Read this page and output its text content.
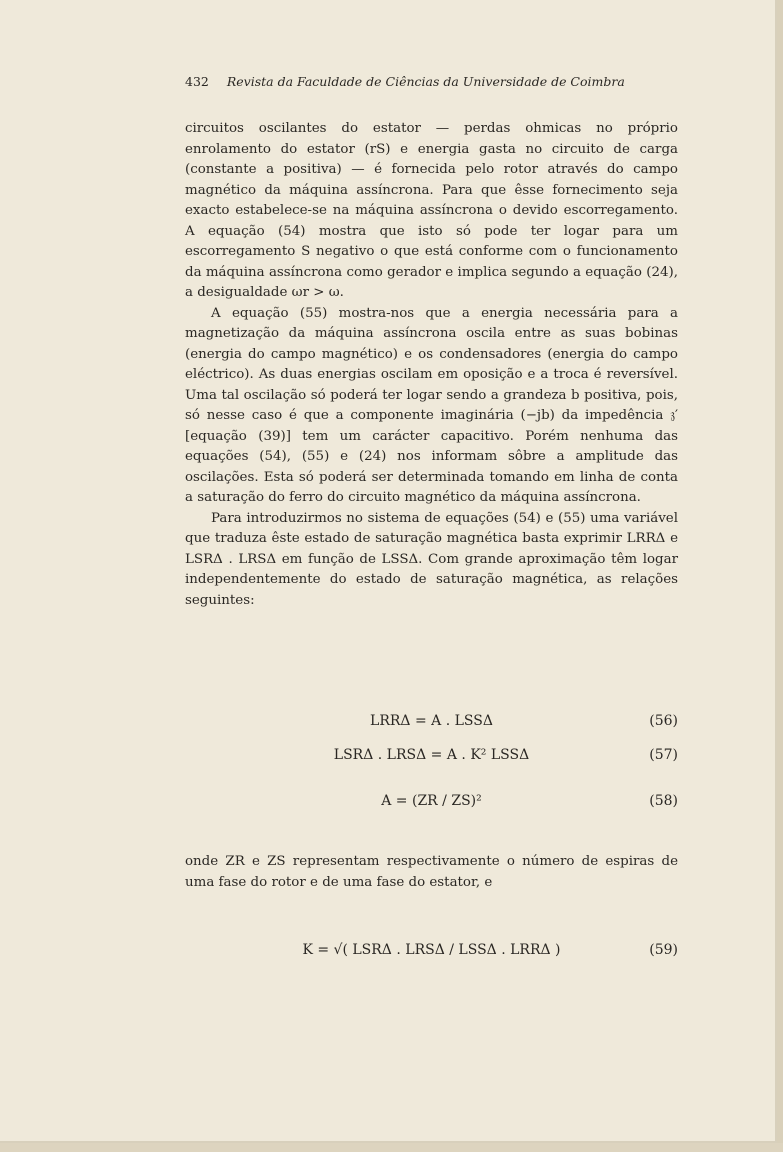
432 Revista da Faculdade de Ciências da Universidade de Coimbra

circuitos oscilantes do estator — perdas ohmicas no próprio enrolamento do estator (rS) e energia gasta no circuito de carga (constante a positiva) — é fornecida pelo rotor através do campo magnético da máquina assíncrona. Para que êsse fornecimento seja exacto estabelece-se na máquina assíncrona o devido escorregamento. A equação (54) mostra que isto só pode ter logar para um escorregamento S negativo o que está conforme com o funcionamento da máquina assíncrona como gerador e implica segundo a equação (24), a desigualdade ωr > ω.

A equação (55) mostra-nos que a energia necessária para a magnetização da máquina assíncrona oscila entre as suas bobinas (energia do campo magnético) e os condensadores (energia do campo eléctrico). As duas energias oscilam em oposição e a troca é reversível. Uma tal oscilação só poderá ter logar sendo a grandeza b positiva, pois, só nesse caso é que a componente imaginária (−jb) da impedência 𝔷′ [equação (39)] tem um carácter capacitivo. Porém nenhuma das equações (54), (55) e (24) nos informam sôbre a amplitude das oscilações. Esta só poderá ser determinada tomando em linha de conta a saturação do ferro do circuito magnético da máquina assíncrona.

Para introduzirmos no sistema de equações (54) e (55) uma variável que traduza êste estado de saturação magnética basta exprimir LRRΔ e LSRΔ . LRSΔ em função de LSSΔ. Com grande aproximação têm logar independentemente do estado de saturação magnética, as relações seguintes:

LRRΔ = A . LSSΔ	(56)
LSRΔ . LRSΔ = A . K² LSSΔ	(57)
A = (ZR / ZS)²	(58)

onde ZR e ZS representam respectivamente o número de espiras de uma fase do rotor e de uma fase do estator, e

K = √( LSRΔ . LRSΔ / LSSΔ . LRRΔ )	(59)
